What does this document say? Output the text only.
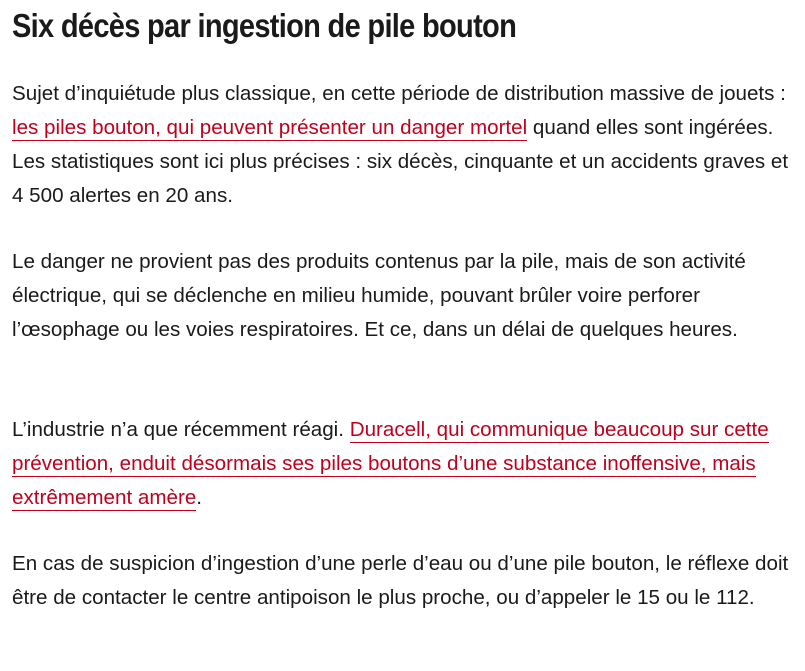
Six décès par ingestion de pile bouton

Sujet d’inquiétude plus classique, en cette période de distribution massive de jouets : les piles bouton, qui peuvent présenter un danger mortel quand elles sont ingérées. Les statistiques sont ici plus précises : six décès, cinquante et un accidents graves et 4 500 alertes en 20 ans.

Le danger ne provient pas des produits contenus par la pile, mais de son activité électrique, qui se déclenche en milieu humide, pouvant brûler voire perforer l’œsophage ou les voies respiratoires. Et ce, dans un délai de quelques heures.

L’industrie n’a que récemment réagi. Duracell, qui communique beaucoup sur cette prévention, enduit désormais ses piles boutons d’une substance inoffensive, mais extrêmement amère.

En cas de suspicion d’ingestion d’une perle d’eau ou d’une pile bouton, le réflexe doit être de contacter le centre antipoison le plus proche, ou d’appeler le 15 ou le 112.
